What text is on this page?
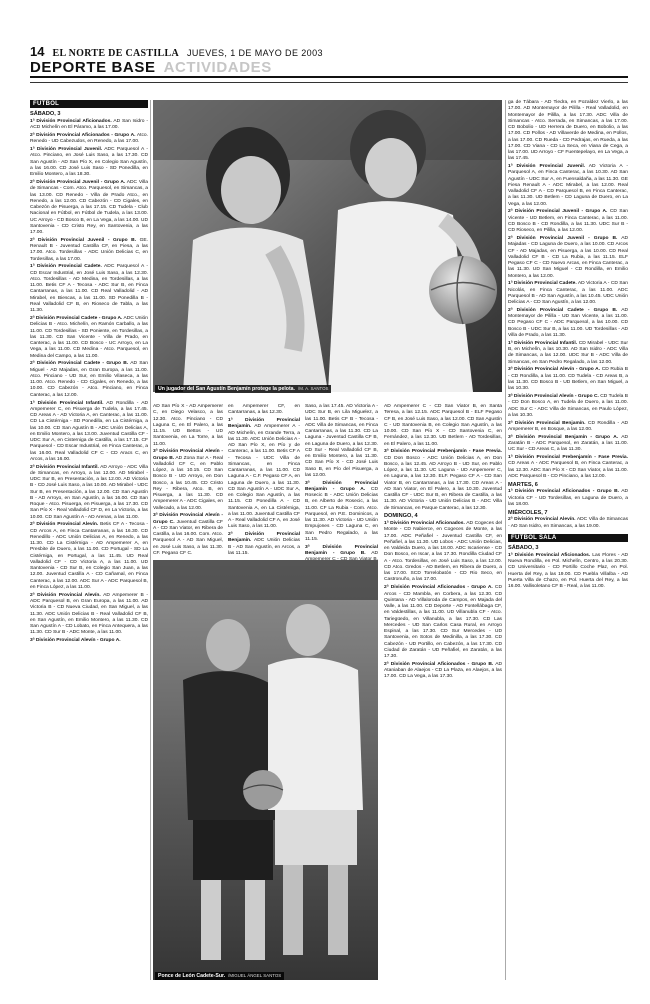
14 EL NORTE DE CASTILLA JUEVES, 1 DE MAYO DE 2003
DEPORTE BASE ACTIVIDADES
FÚTBOL
SÁBADO, 3

1ª División Provincial Aficionados. AD San Isidro - ACD Michelín en El Páramo, a las 17.00.

2ª División Provincial Aficionados - Grupo A. Atco. Renedo - UD Cabezudos, en Renedo, a las 17.00.

1ª División Provincial Juvenil. ADC Parquesol A - Atco. Pinciano, en José Luis Saso, a las 17.30. CD San Agustín - AD San Pío X, en Colegio San Agustín, a las 16.00. CD José Luis Saso - SD Ponedilla, en Emilio Montero, a las 18.30.

2ª División Provincial Juvenil - Grupo A. ADC Villa de Simancas - Com. Atco. Parquesol, en Simancas, a las 13.00. CD Renedo - Villa de Prado Atco., en Renedo, a las 12.00. CD Cabezón - CD Cigales, en Cabezón de Pisuerga, a las 17.15. CD Tudela - Club Nacional en Fútbol, en Fútbol de Tudela, a las 13.00. UC Arroyo - CD Bosco B, en La Vega, a las 14.00. UD Santovenia - CD Cristo Rey, en Santovenia, a las 17.00.

2ª División Provincial Juvenil - Grupo B. GE. Renault B - Juventud Castilla CF, en Fiesa, a las 17.00. Atco. Tordesillas - ADC Unión Delicias C, en Tordesillas, a las 17.00.

1ª División Provincial Cadete. ADC Parquesol A - CD Escar Industrial, en José Luis Saso, a las 12.30. Atco. Tordesillas - AD Medina, en Tordesillas, a las 11.00. Betis CF A - Tecosa - ADC Sur B, en Finca Cantarranas, a las 11.00. CD Real Valladolid - AD Mirabel, en Biescas, a las 11.00. SD Ponedilla B - Real Valladolid CF B, en Rioseco de Tabla, a las 11.30.

2ª División Provincial Cadete - Grupo A. ADC Unión Delicias B - Atco. Michelín, en Ramón Carballo, a las 11.00. CD Tordesillas - SD Poniente, en Tordesillas, a las 11.30. CD San Vicente - Villa de Prado, en Canterac, a las 11.00. CD Bosco - UC Arroyo, en La Vega, a las 11.00. CD Medina - Atco. Parquesol, en Medina del Campo, a las 11.00.

2ª División Provincial Cadete - Grupo B. AD San Miguel - AD Majadas, en Gran Europa, a las 11.00. Atco. Pinciano - UD Sur, en Emilio Vilaseca, a las 11.00. Atco. Renedo - CD Cigales, en Renedo, a las 10.00. CD Cabezón - Atco. Pinciano, en Finca Canterac, a las 12.00.

1ª División Provincial Infantil. AD Rondilla - AD Ampemerer C, en Pisuerga de Tudela, a las 17.45. CD Areas A - AD Victoria A, en Canterac, a las 11.00. CD La Cistérniga - SD Ponedilla, en La Cistérniga, a las 10.00. CD San Agustín B - ADC Unión Delicias A, en Emilio Montero, a las 13.00. Juventud Castilla CF - UDC Sur A, en Cisterniga de Castilla, a las 17.15. CF Parquesol - CD Escar Industrial, en Finca Canterac, a las 16.00. Real Valladolid CF C - CD Aracs C, en Arcos, a las 16.00.

2ª División Provincial Infantil. AD Arroyo - ADC Villa de Simancas, en Arroyo, a las 12.00. AD Mirabel - UDC Sur B, en Presentación, a las 12.00. AD Victoria B - CD José Luis Saso, a las 10.00. AD Mirabel - UDC Sur B, en Presentación, a las 12.00. CD San Agustín B - AD Arroyo, en San Agustín, a las 16.00. CD San Roque - Atco. Pisuerga, en Pisuerga, a las 17.30. CD San Pío X - Real Valladolid CF D, en La Victoria, a las 10.00. CD San Agustín A - AD Arenas, a las 11.00.

2ª División Provincial Alevín. Betis CF A - Tecosa - CD Arcos A, en Finca Cantarranas, a las 16.30. CD Renedillo - ADC Unión Delicias A, en Renedo, a las 11.30. CD La Cistérniga - AD Ampemerer A, en Presbite de Duero, a las 11.00. CD Portugal - SD La Cistérniga, en Portugal, a las 11.45. UD Real Valladolid CF - CD Victoria A, a las 11.00. UD Santovenia - CD Sur B, en Colegio San Juan, a las 12.00. Juventud Castilla A - CD Cañamal, en Finca Canterac, a las 12.00. ADC Sur A - ADC Parquesol B, en Finca López, a las 11.00.

2ª División Provincial Alevín. AD Ampemerer B - ADC Parquesol B, en Gran Europa, a las 11.00. AD Victoria B - CD Nueva Ciudad, en San Miguel, a las 11.30. ADC Unión Delicias B - Real Valladolid CF B, en San Agustín, en Emilio Montero, a las 11.30. CD San Agustín A - CD Lobato, en Finca Antequera, a las 11.30. CD Sur B - ADC Monte, a las 11.00.

3ª División Provincial Alevín - Grupo A.

Un jugador del San Agustín Benjamín protege la pelota. /M. A. SANTOS

AD San Pío X - AD Ampemerer C, en Diego Velasco, a las 12.30. Atco. Pinciano - CD Laguna C, en El Palero, a las 11.15. UD Bettos - UD Santovenia, en La Torre, a las 11.00.

3ª División Provincial Alevín - Grupo B. AD Zona Sur A - Real Valladolid CF C, en Pablo López, a las 10.15. CD San Bosco B - UD Arroyo, en Don Bosco, a las 10.45. CD Cristo Rey - Ribera, Atco. B, en Pisuerga, a las 11.30. CD Ampemerer A - ADC Cigales, en Vallecado, a las 12.00.

3ª División Provincial Alevín - Grupo C. Juventud Castilla CF A - CD San Viator, en Ribera de Castilla, a las 16.00. Com. Atco. Parquesol A - AD San Miguel, en José Luis Saso, a las 11.30. CF. Pegaso CF C.

en Ampemerer CF, en Cantarranas, a las 12.30.

1ª División Provincial Benjamín. AD Ampemerer A - AD Michelín, en Grande Terra, a las 11.30. ADC Unión Delicias A - AD San Pío X, en Pío y de Canterac, a las 11.00. Betis CF A - Tecosa - UDC Villa de Simancas, en Finca Cantarranas, a las 11.00. CD Laguna A - C.F. Pegaso CF A, en Laguna de Duero, a las 11.30. CD San Agustín A - UDC Sur A, en Colegio San Agustín, a las 11.15. CD Ponedilla A - CD Santovenia A, en La Cistérniga, a las 11.00. Juventud Castilla CF A - Real Valladolid CF A, en José Luis Saso, a las 11.00.

2ª División Provincial Benjamín. ADC Unión Delicias B - AD San Agustín, en Arcos, a las 11.15.

Saso, a las 17.45. AD Victoria A - UDC Sur B, en Lila Miguelez, a las 11.00. Betis CF B - Tecosa - ADC Villa de Simancas, en Finca Cantarranas, a las 11.30. CD La Laguna - Juventud Castilla CF B, en Laguna de Duero, a las 12.30. CD Sur - Real Valladolid CF B, en Emilio Montero, a las 11.30. CD San Pío X - CD José Luis Saso B, en Pío del Pisuerga, a las 12.00.

3ª División Provincial Benjamín - Grupo A. CD Rosecic B - ADC Unión Delicias B, en Alberto de Rosecic, a las 11.00. CF La Rubia - Com. Atco. Parquesol, en P.E. Dominicos, a las 11.30. AD Victoria - UD Unión Empujones - CD Laguna C, en San Pedro Regalado, a las 11.15.

3ª División Provincial Benjamín - Grupo B. AD

Ponce de León Cadete-Sur. /MIGUEL ÁNGEL SANTOS

AD Ampemerer C - CD San Viator B, en Santa Teresa, a las 12.15. ADC Parquesol B - ELF Pegaso CF B, en José Luis Saso, a las 12.00. CD San Agustín C - UD Santovenia B, en Colegio San Agustín, a las 10.00. CD San Pío X - CD Santovenia C, en Fernández, a las 12.30. UD Betlem - AD Tordesillas, en El Palero, a las 11.00.

3ª División Provincial Prebenjamín - Fase Previa. CD Don Bosco - ADC Unión Delicias A, en Don Bosco, a las 12.45. AD Arroyo B - UD Sur, en Pablo López, a las 11.30. UC Laguna - UD Ampemerer C, en Laguna, a las 12.30. ELF. Pegaso CF A - CD San Viator B, en Cantarranas, a las 17.30. CD Areas A - AD San Viator, en El Palero, a las 10.30. Juventud Castilla CF - UDC Sur B, en Ribera de Castilla, a las 11.30. AD Victoria - UD Unión Delicias B - ADC Villa de Simancas, en Parque Canterac, a las 12.30.

DOMINGO, 4

1ª División Provincial Aficionados. AD Cogeces del Monte - CD Nabierce, en Cogeces de Monte, a las 17.00. ADC Peñafiel - Juventud Castilla CF, en Peñafiel, a las 11.30. UD Lobos - ADC Unión Delicias, en Valdeida Duero, a las 18.00. ADC Iscariense - CD Don Bosco, en Iscar, a las 17.30. Rondilla Ciudad CF A - Atco. Tordesillas, en José Luis Saso, a las 12.00. CD Atco. Gredos - AD Betlem, en Ribera de Duero, a las 17.00. SCD Torrelobatón - CD Rio Seco, en Castronuño, a las 17.00.

2ª División Provincial Aficionados - Grupo A. CD Arcos - CD Mambla, en Corbera, a las 12.30. CD Quintana - AD Villaloroda de Campos, en Majada del Valle, a las 11.00. CD Deporte - AD Fontellábaga CF, en Valdestillas, a las 11.00. UD Villanubla CF - Atco. Tariegüedo, en Villanubla, a las 17.30. CD Las Mercedes - UD San Carlos Casa Rural, en Arroyo Espinal, a las 17.30. CD Sur Mercedes - UD Santovenia, en Sotos de Medinilla, a las 17.30. CD Cabezón - UD Portillo, en Cabezón, a las 17.30. CD Ciudad de Zaratán - UD Peñafiel, en Zaratán, a las 17.30.

2ª División Provincial Aficionados - Grupo B. AD Ataniaban de Alaejos - CD La Plaza, en Alaejos, a las 17.00. CD La Vega, a las 17.30.

ga de Tábara - AD Tiedra, en Pozaldez Vierlo, a las 17.00. AD Montemayor de Pililla - Real Valladolid, en Montemayor de Pililla, a las 17.30. ADC Villa de Simancas - Atco. Serrada, en Simancas, a las 17.00. CD Bobolio - UD Herrera de Duero, en Bobolio, a las 17.00. CD Pollos - AD Villaverde de Medina, en Pollos, a las 17.00. CD Rueda - CD Pedrajas, en Rueda, a las 17.00. CD Viana - CD La Seca, en Viana de Cega, a las 17.00. UD Arroyo - CF Fuentepelayo, en La Vega, a las 17.45.

1ª División Provincial Juvenil. AD Victoria A - Parquesol A, en Finca Canterac, a las 10.30. AD San Agustín - UDC Sur A, en Fuensaldaña, a las 11.30. GE Fiesa Renault A - ADC Mirabel, a las 12.00. Real Valladolid CF A - CD Parquesol B, en Finca Canterac, a las 11.30. UD Betlem - CD Laguna de Duero, en La Vega, a las 12.00.

2ª División Provincial Juvenil - Grupo A. CD San Vicente - UD Betlem, en Finca Canterac, a las 11.00. CD Bosco B - CD Rondilla, a las 11.30. UDC Sur B - CD Rioseco, en Pililla, a las 12.00.

2ª División Provincial Juvenil - Grupo B. AD Majadas - CD Laguna de Duero, a las 10.00. CD Arcos CF - AD Majadas, en Pisuerga, a las 10.00. CD Real Valladolid CF B - CD La Rubia, a las 11.15. ELF Pegaso CF C - CD Nuevo Arcas, en Finca Canterac, a las 11.30. UD San Miguel - CD Rondilla, en Emilio Montero, a las 12.00.

1ª División Provincial Cadete. AD Victoria A - CD San Nicolás, en Finca Canterac, a las 11.00. ADC Parquesol B - AD San Agustín, a las 10.45. UDC Unión Delicias A - CD San Agustín, a las 12.00.

2ª División Provincial Cadete - Grupo B. AD Montemayor de Pililla - UD San Vicente, a las 11.00. CD Pegaso CF C - ADC Parquesol, a las 10.00. CD Bosco B - UDC Sur B, a las 11.00. UD Tordesillas - AD Villa de Prado, a las 11.30.

1ª División Provincial Infantil. CD Mirabel - UDC Sur B, en Michelín, a las 10.30. AD San Isidro - ADC Villa de Simancas, a las 12.00. UDC Sur B - ADC Villa de Simancas, en San Pedro Regalado, a las 12.00.

3ª División Provincial Alevín - Grupo A. CD Rubia B - CD Rondilla, a las 11.00. CD Tudela - CD Areas B, a las 11.30. CD Bosco B - UD Betlem, en San Miguel, a las 10.30.

3ª División Provincial Alevín - Grupo C. CD Tudela B - CD Don Bosco A, en Tudela de Duero, a las 11.00. ADC Sur C - ADC Villa de Simancas, en Paulo López, a las 10.30.

2ª División Provincial Benjamín. CD Rondilla - AD Ampemerer B, en Bosque, a las 12.00.

3ª División Provincial Benjamín - Grupo A. AD Zaratán B - ADC Parquesol, en Zaratán, a las 11.00. UC Sur - CD Areas C, a las 11.30.

1ª División Provincial Prebenjamín - Fase Previa. CD Areas A - ADC Parquesol B, en Finca Canterac, a las 12.30. ADC San Pío X - CD San Viator, a las 11.00. ADC Parquesol B - CD Pinciano, a las 12.00.

MARTES, 6

1ª División Provincial Aficionados - Grupo B. AD Victoria CF - UD Tordesillas, en Laguna de Duero, a las 18.00.

MIÉRCOLES, 7

2ª División Provincial Alevín. ADC Villa de Simancas - AD San Isidro, en Simancas, a las 19.00.

FÚTBOL SALA
SÁBADO, 3

1ª División Provincial Aficionados. Las Flores - AD Nueva Rondilla, en Pol. Michelín, Centro, a las 20.30. CD Universitario - CD Portillo Coche Plaz, en Pol. Huerta del Rey, a las 19.00. CD Puebla Villalba - AD Puerta Villa de Chazo, en Pol. Huerta del Rey, a las 16.00. Vallisoletano CF B - Real, a las 11.00.
